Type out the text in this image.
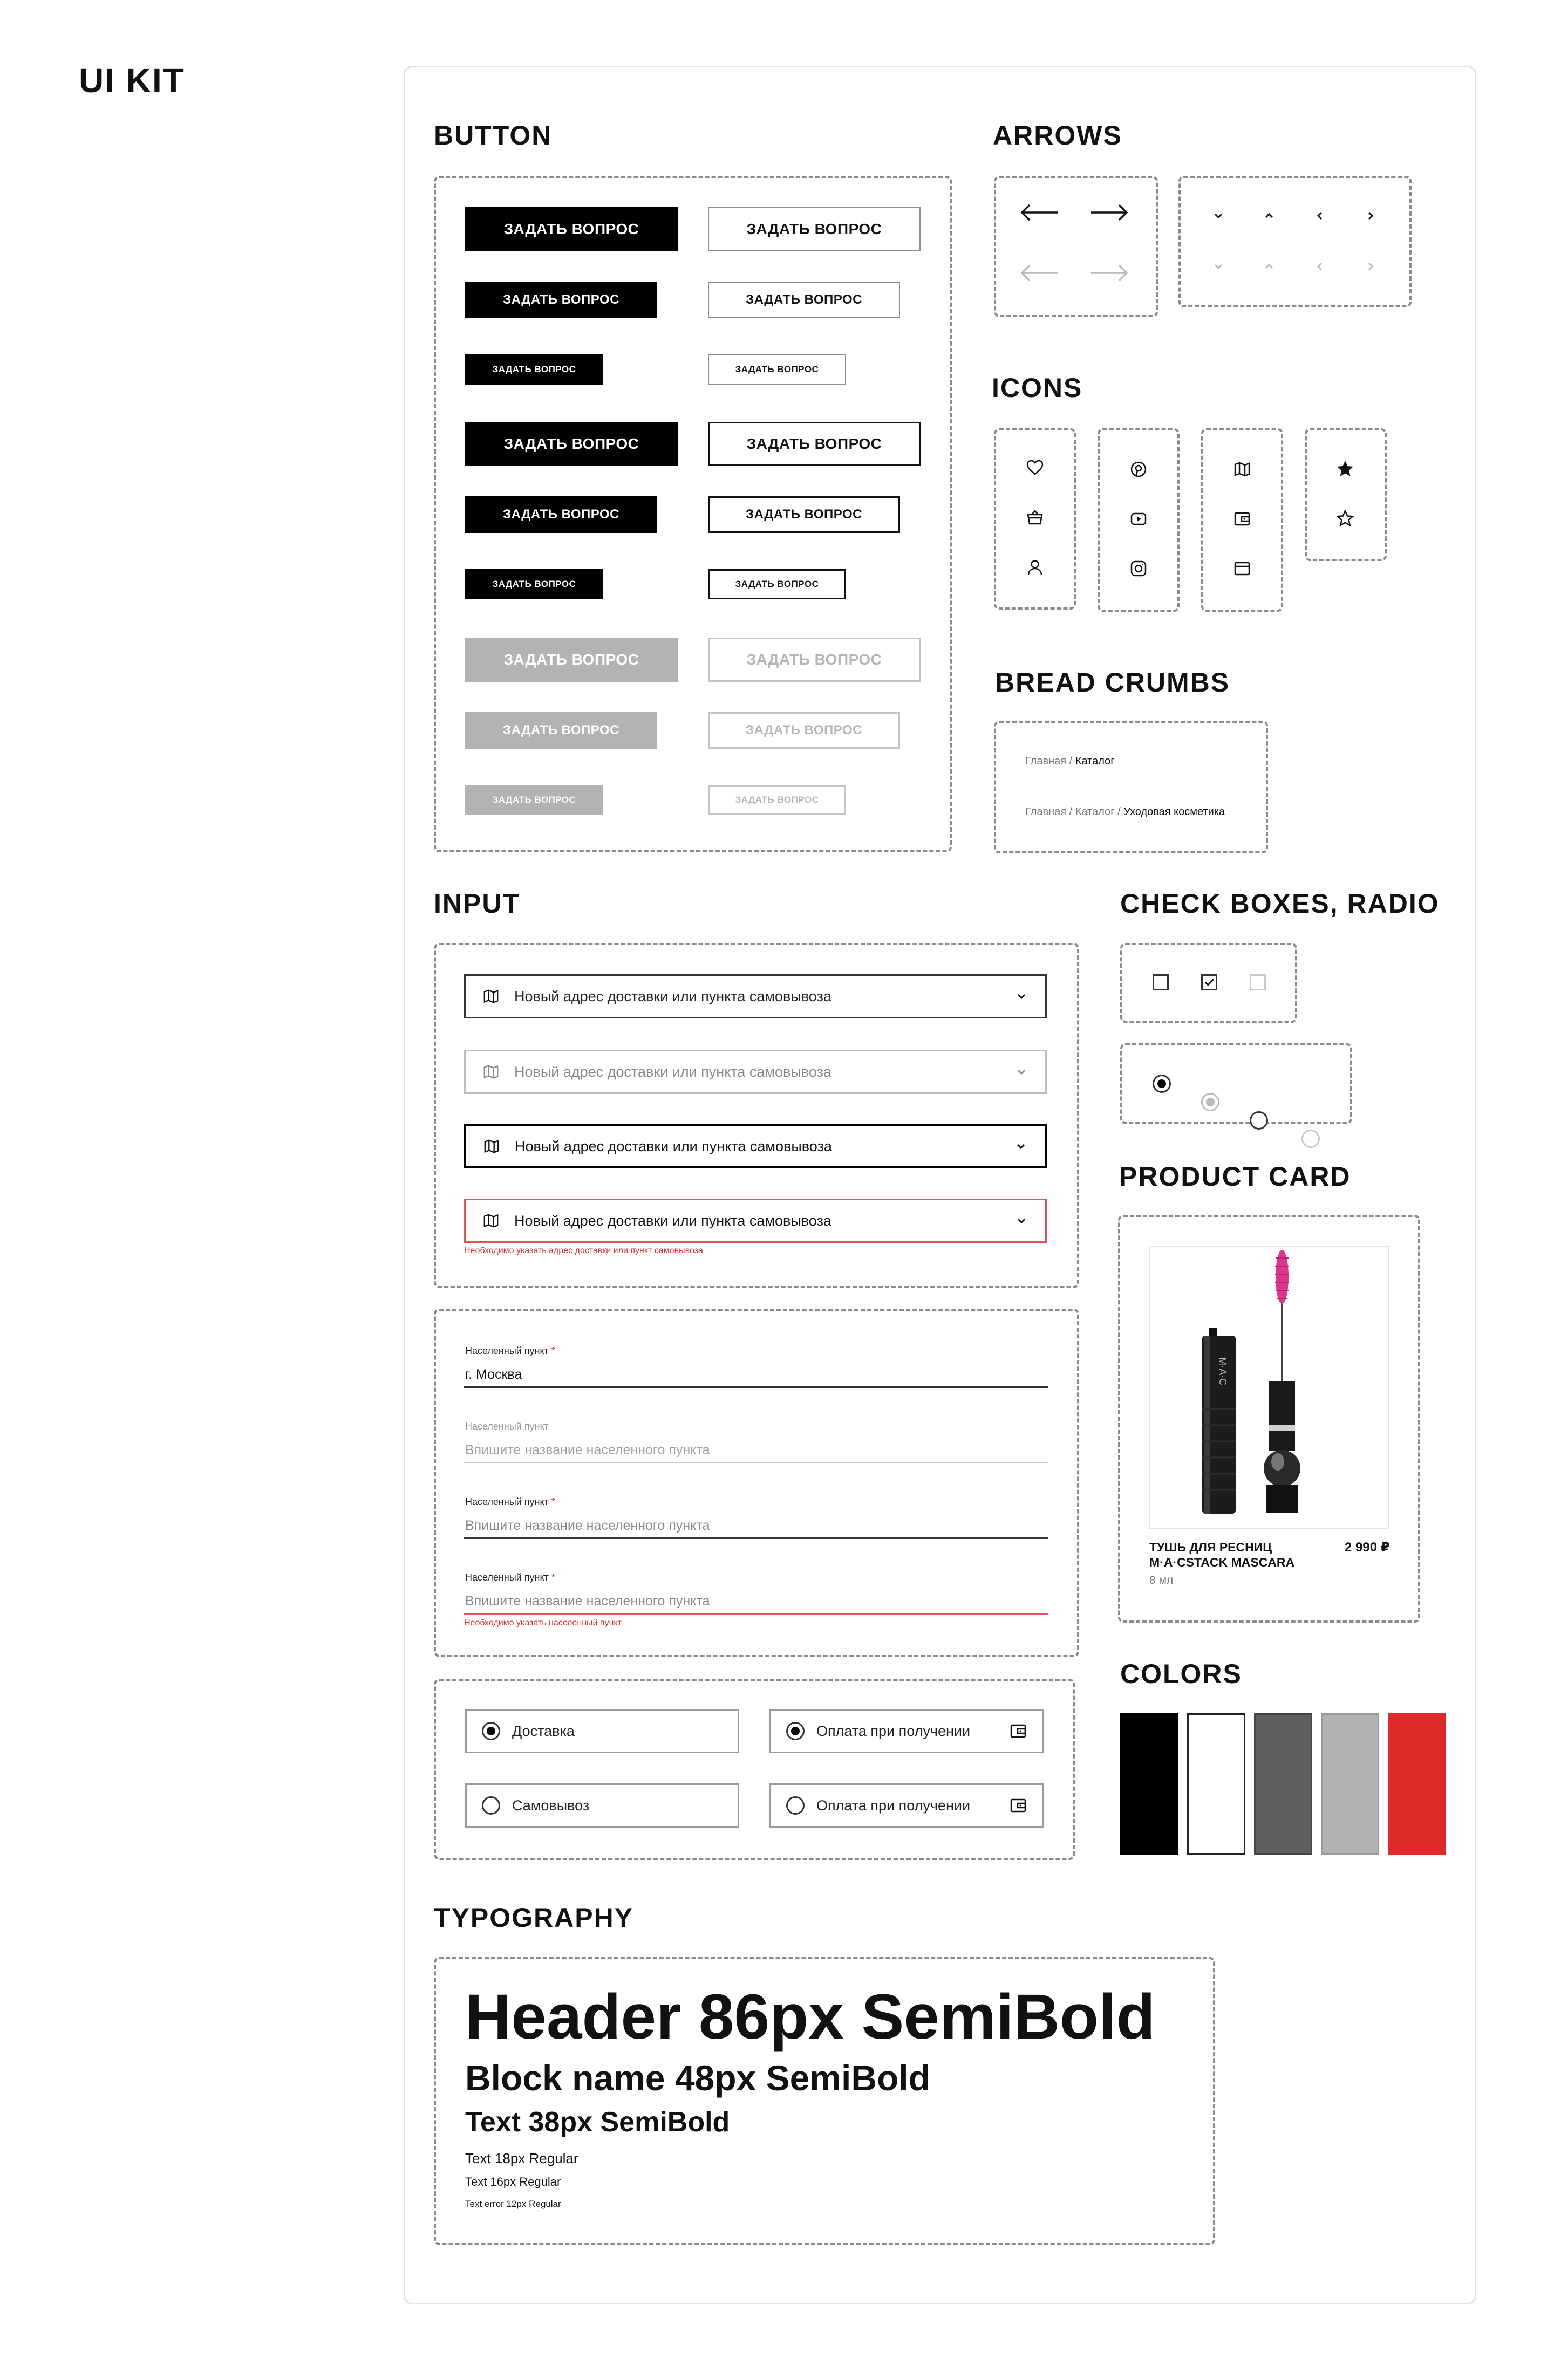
UI KIT
BUTTON
ЗАДАТЬ ВОПРОС	ЗАДАТЬ ВОПРОС
ЗАДАТЬ ВОПРОС	ЗАДАТЬ ВОПРОС
ЗАДАТЬ ВОПРОС	ЗАДАТЬ ВОПРОС
ЗАДАТЬ ВОПРОС	ЗАДАТЬ ВОПРОС
ЗАДАТЬ ВОПРОС	ЗАДАТЬ ВОПРОС
ЗАДАТЬ ВОПРОС	ЗАДАТЬ ВОПРОС
ЗАДАТЬ ВОПРОС	ЗАДАТЬ ВОПРОС
ЗАДАТЬ ВОПРОС	ЗАДАТЬ ВОПРОС
ЗАДАТЬ ВОПРОС	ЗАДАТЬ ВОПРОС
ARROWS
ICONS
BREAD CRUMBS
Главная / Каталог
Главная / Каталог / Уходовая косметика
INPUT
Новый адрес доставки или пункта самовывоза
Новый адрес доставки или пункта самовывоза
Новый адрес доставки или пункта самовывоза
Новый адрес доставки или пункта самовывоза
Необходимо указать адрес доставки или пункт самовывоза
Населенный пункт *
г. Москва
Населенный пункт
Впишите название населенного пункта
Населенный пункт *
Впишите название населенного пункта
Населенный пункт *
Впишите название населенного пункта
Необходимо указать населенный пункт
Доставка	Оплата при получении
Самовывоз	Оплата при получении
CHECK BOXES, RADIO
PRODUCT CARD
M·A·C
ТУШЬ ДЛЯ РЕСНИЦ
M·A·CSTACK MASCARA
2 990 ₽
8 мл
COLORS
TYPOGRAPHY
Header 86px SemiBold
Block name 48px SemiBold
Text 38px SemiBold
Text 18px Regular
Text 16px Regular
Text error 12px Regular
